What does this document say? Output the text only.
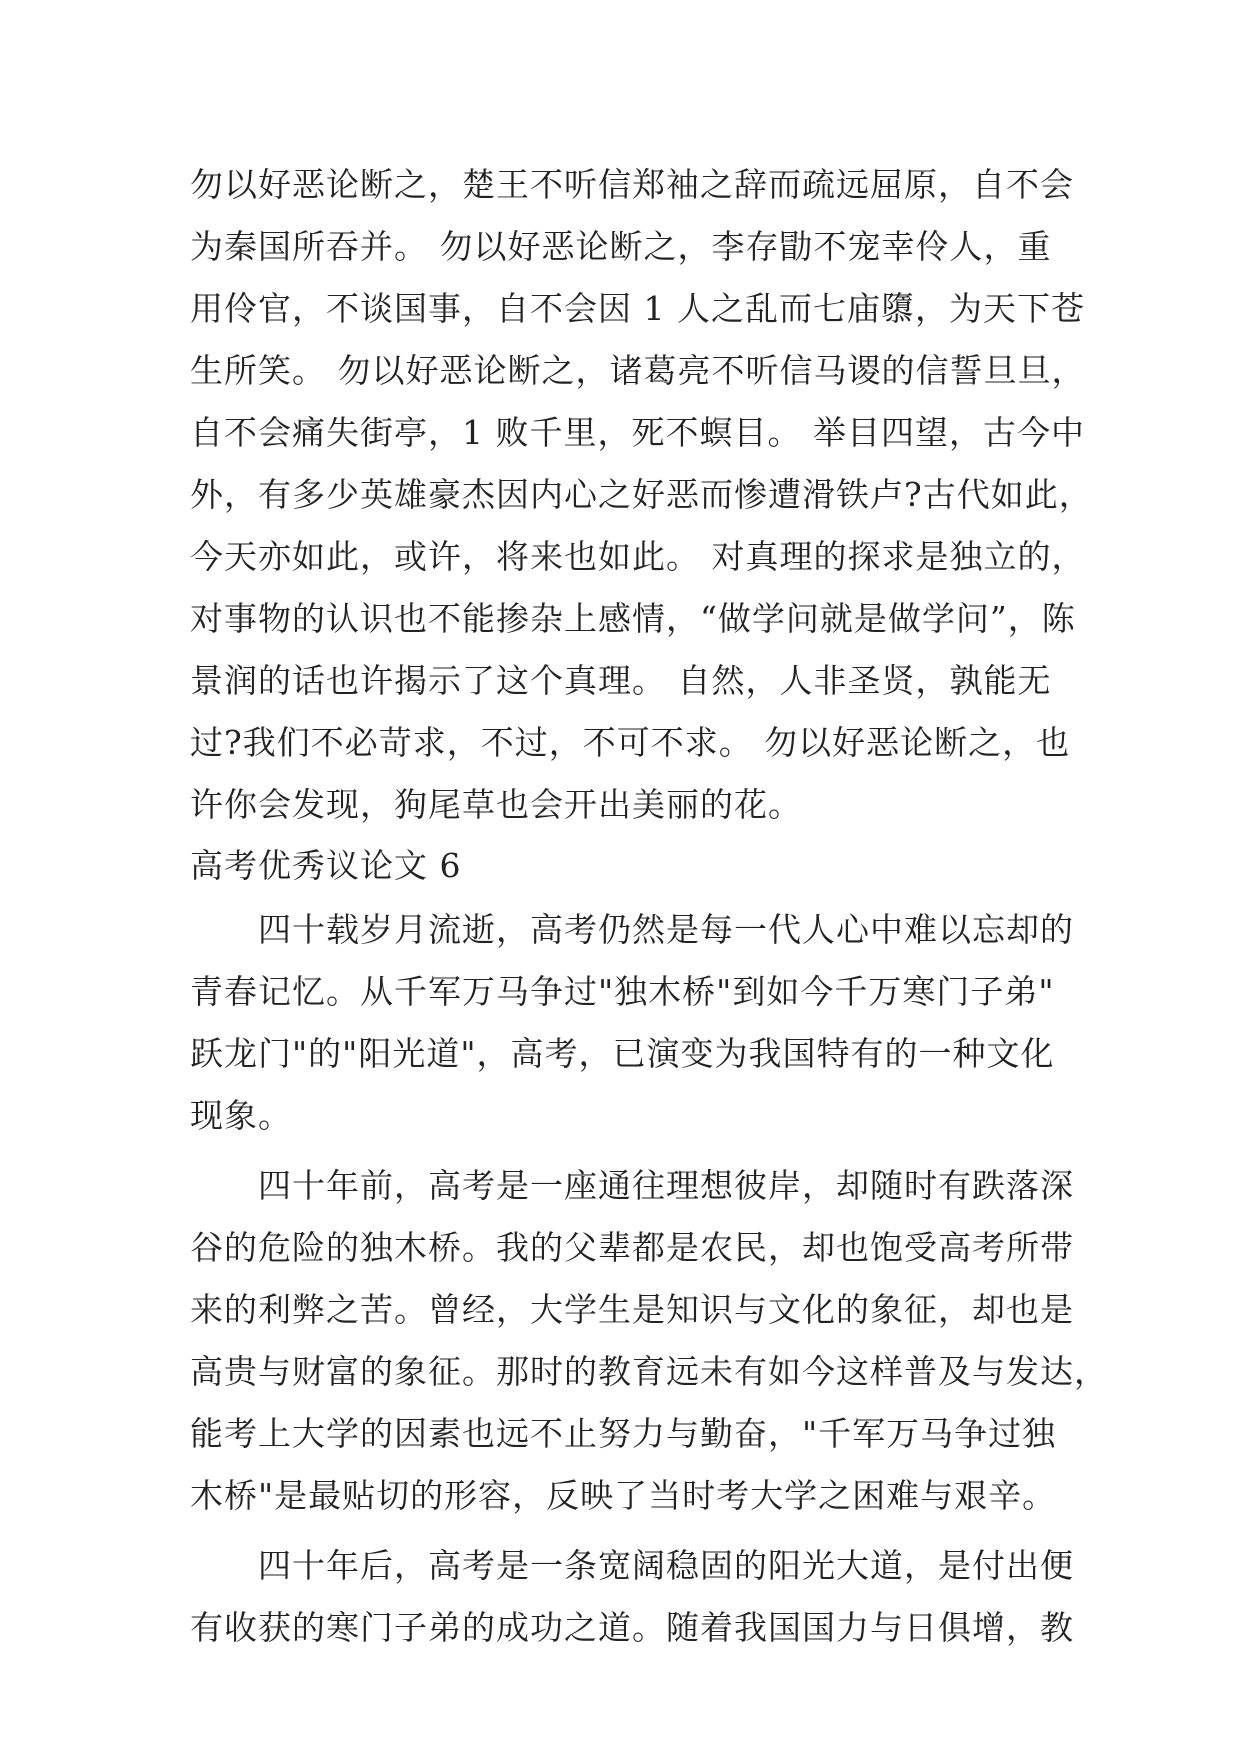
勿以好恶论断之，楚王不听信郑袖之辞而疏远屈原，自不会
为秦国所吞并。 勿以好恶论断之，李存勖不宠幸伶人，重
用伶官，不谈国事，自不会因 1 人之乱而七庙隳，为天下苍
生所笑。 勿以好恶论断之，诸葛亮不听信马谡的信誓旦旦，
自不会痛失街亭，1 败千里，死不螟目。 举目四望，古今中
外，有多少英雄豪杰因内心之好恶而惨遭滑铁卢?古代如此，
今天亦如此，或许，将来也如此。 对真理的探求是独立的，
对事物的认识也不能掺杂上感情，“做学问就是做学问”，陈
景润的话也许揭示了这个真理。 自然，人非圣贤，孰能无
过?我们不必苛求，不过，不可不求。 勿以好恶论断之，也
许你会发现，狗尾草也会开出美丽的花。
高考优秀议论文 6
四十载岁月流逝，高考仍然是每一代人心中难以忘却的
青春记忆。从千军万马争过"独木桥"到如今千万寒门子弟"
跃龙门"的"阳光道"，高考，已演变为我国特有的一种文化
现象。
四十年前，高考是一座通往理想彼岸，却随时有跌落深
谷的危险的独木桥。我的父辈都是农民，却也饱受高考所带
来的利弊之苦。曾经，大学生是知识与文化的象征，却也是
高贵与财富的象征。那时的教育远未有如今这样普及与发达，
能考上大学的因素也远不止努力与勤奋，"千军万马争过独
木桥"是最贴切的形容，反映了当时考大学之困难与艰辛。
四十年后，高考是一条宽阔稳固的阳光大道，是付出便
有收获的寒门子弟的成功之道。随着我国国力与日俱增，教
